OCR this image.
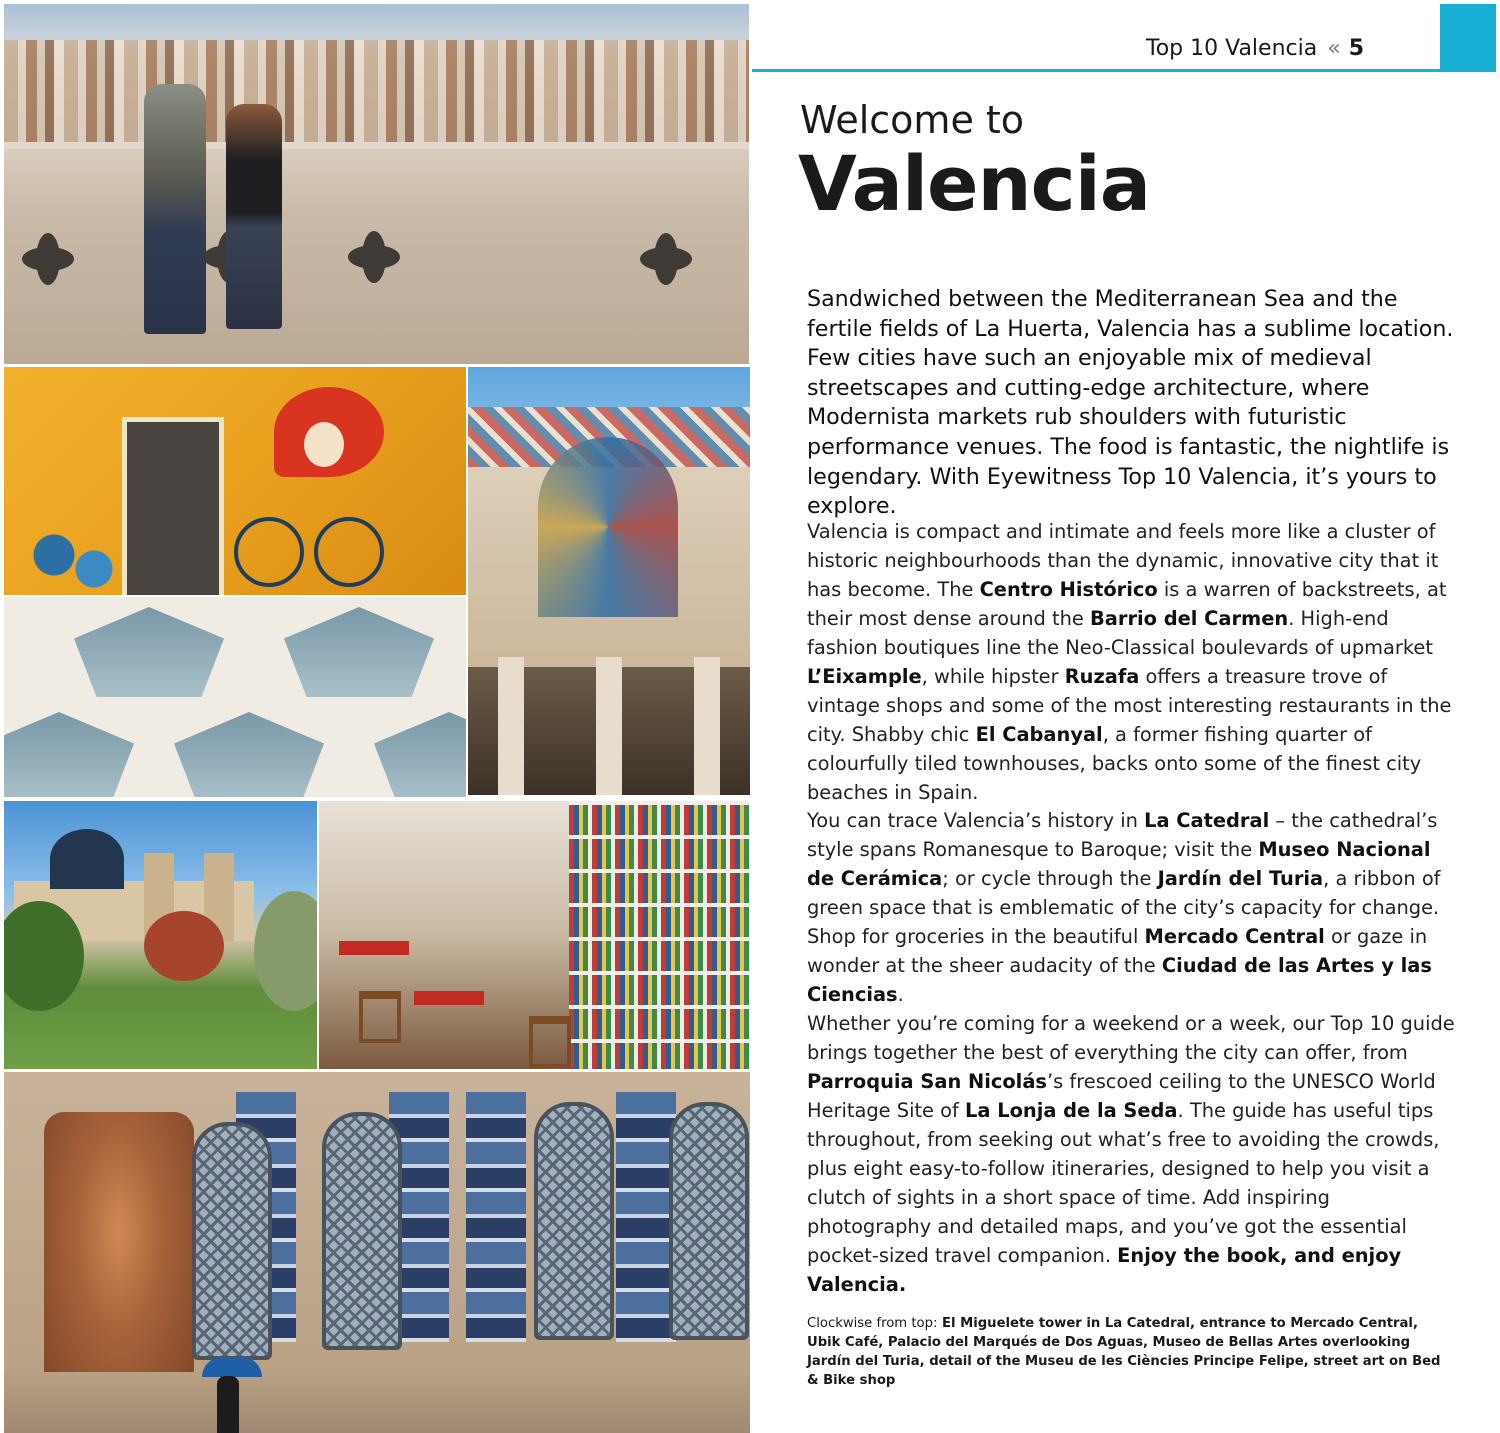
Top 10 Valencia « 5
Welcome to
Valencia

Sandwiched between the Mediterranean Sea and the fertile fields of La Huerta, Valencia has a sublime location. Few cities have such an enjoyable mix of medieval streetscapes and cutting-edge architecture, where Modernista markets rub shoulders with futuristic performance venues. The food is fantastic, the nightlife is legendary. With Eyewitness Top 10 Valencia, it’s yours to explore.

Valencia is compact and intimate and feels more like a cluster of historic neighbourhoods than the dynamic, innovative city that it has become. The Centro Histórico is a warren of backstreets, at their most dense around the Barrio del Carmen. High-end fashion boutiques line the Neo-Classical boulevards of upmarket L’Eixample, while hipster Ruzafa offers a treasure trove of vintage shops and some of the most interesting restaurants in the city. Shabby chic El Cabanyal, a former fishing quarter of colourfully tiled townhouses, backs onto some of the finest city beaches in Spain.

You can trace Valencia’s history in La Catedral – the cathedral’s style spans Romanesque to Baroque; visit the Museo Nacional de Cerámica; or cycle through the Jardín del Turia, a ribbon of green space that is emblematic of the city’s capacity for change. Shop for groceries in the beautiful Mercado Central or gaze in wonder at the sheer audacity of the Ciudad de las Artes y las Ciencias.

Whether you’re coming for a weekend or a week, our Top 10 guide brings together the best of everything the city can offer, from Parroquia San Nicolás’s frescoed ceiling to the UNESCO World Heritage Site of La Lonja de la Seda. The guide has useful tips throughout, from seeking out what’s free to avoiding the crowds, plus eight easy-to-follow itineraries, designed to help you visit a clutch of sights in a short space of time. Add inspiring photography and detailed maps, and you’ve got the essential pocket-sized travel companion. Enjoy the book, and enjoy Valencia.

Clockwise from top: El Miguelete tower in La Catedral, entrance to Mercado Central, Ubik Café, Palacio del Marqués de Dos Aguas, Museo de Bellas Artes overlooking Jardín del Turia, detail of the Museu de les Ciències Principe Felipe, street art on Bed & Bike shop
